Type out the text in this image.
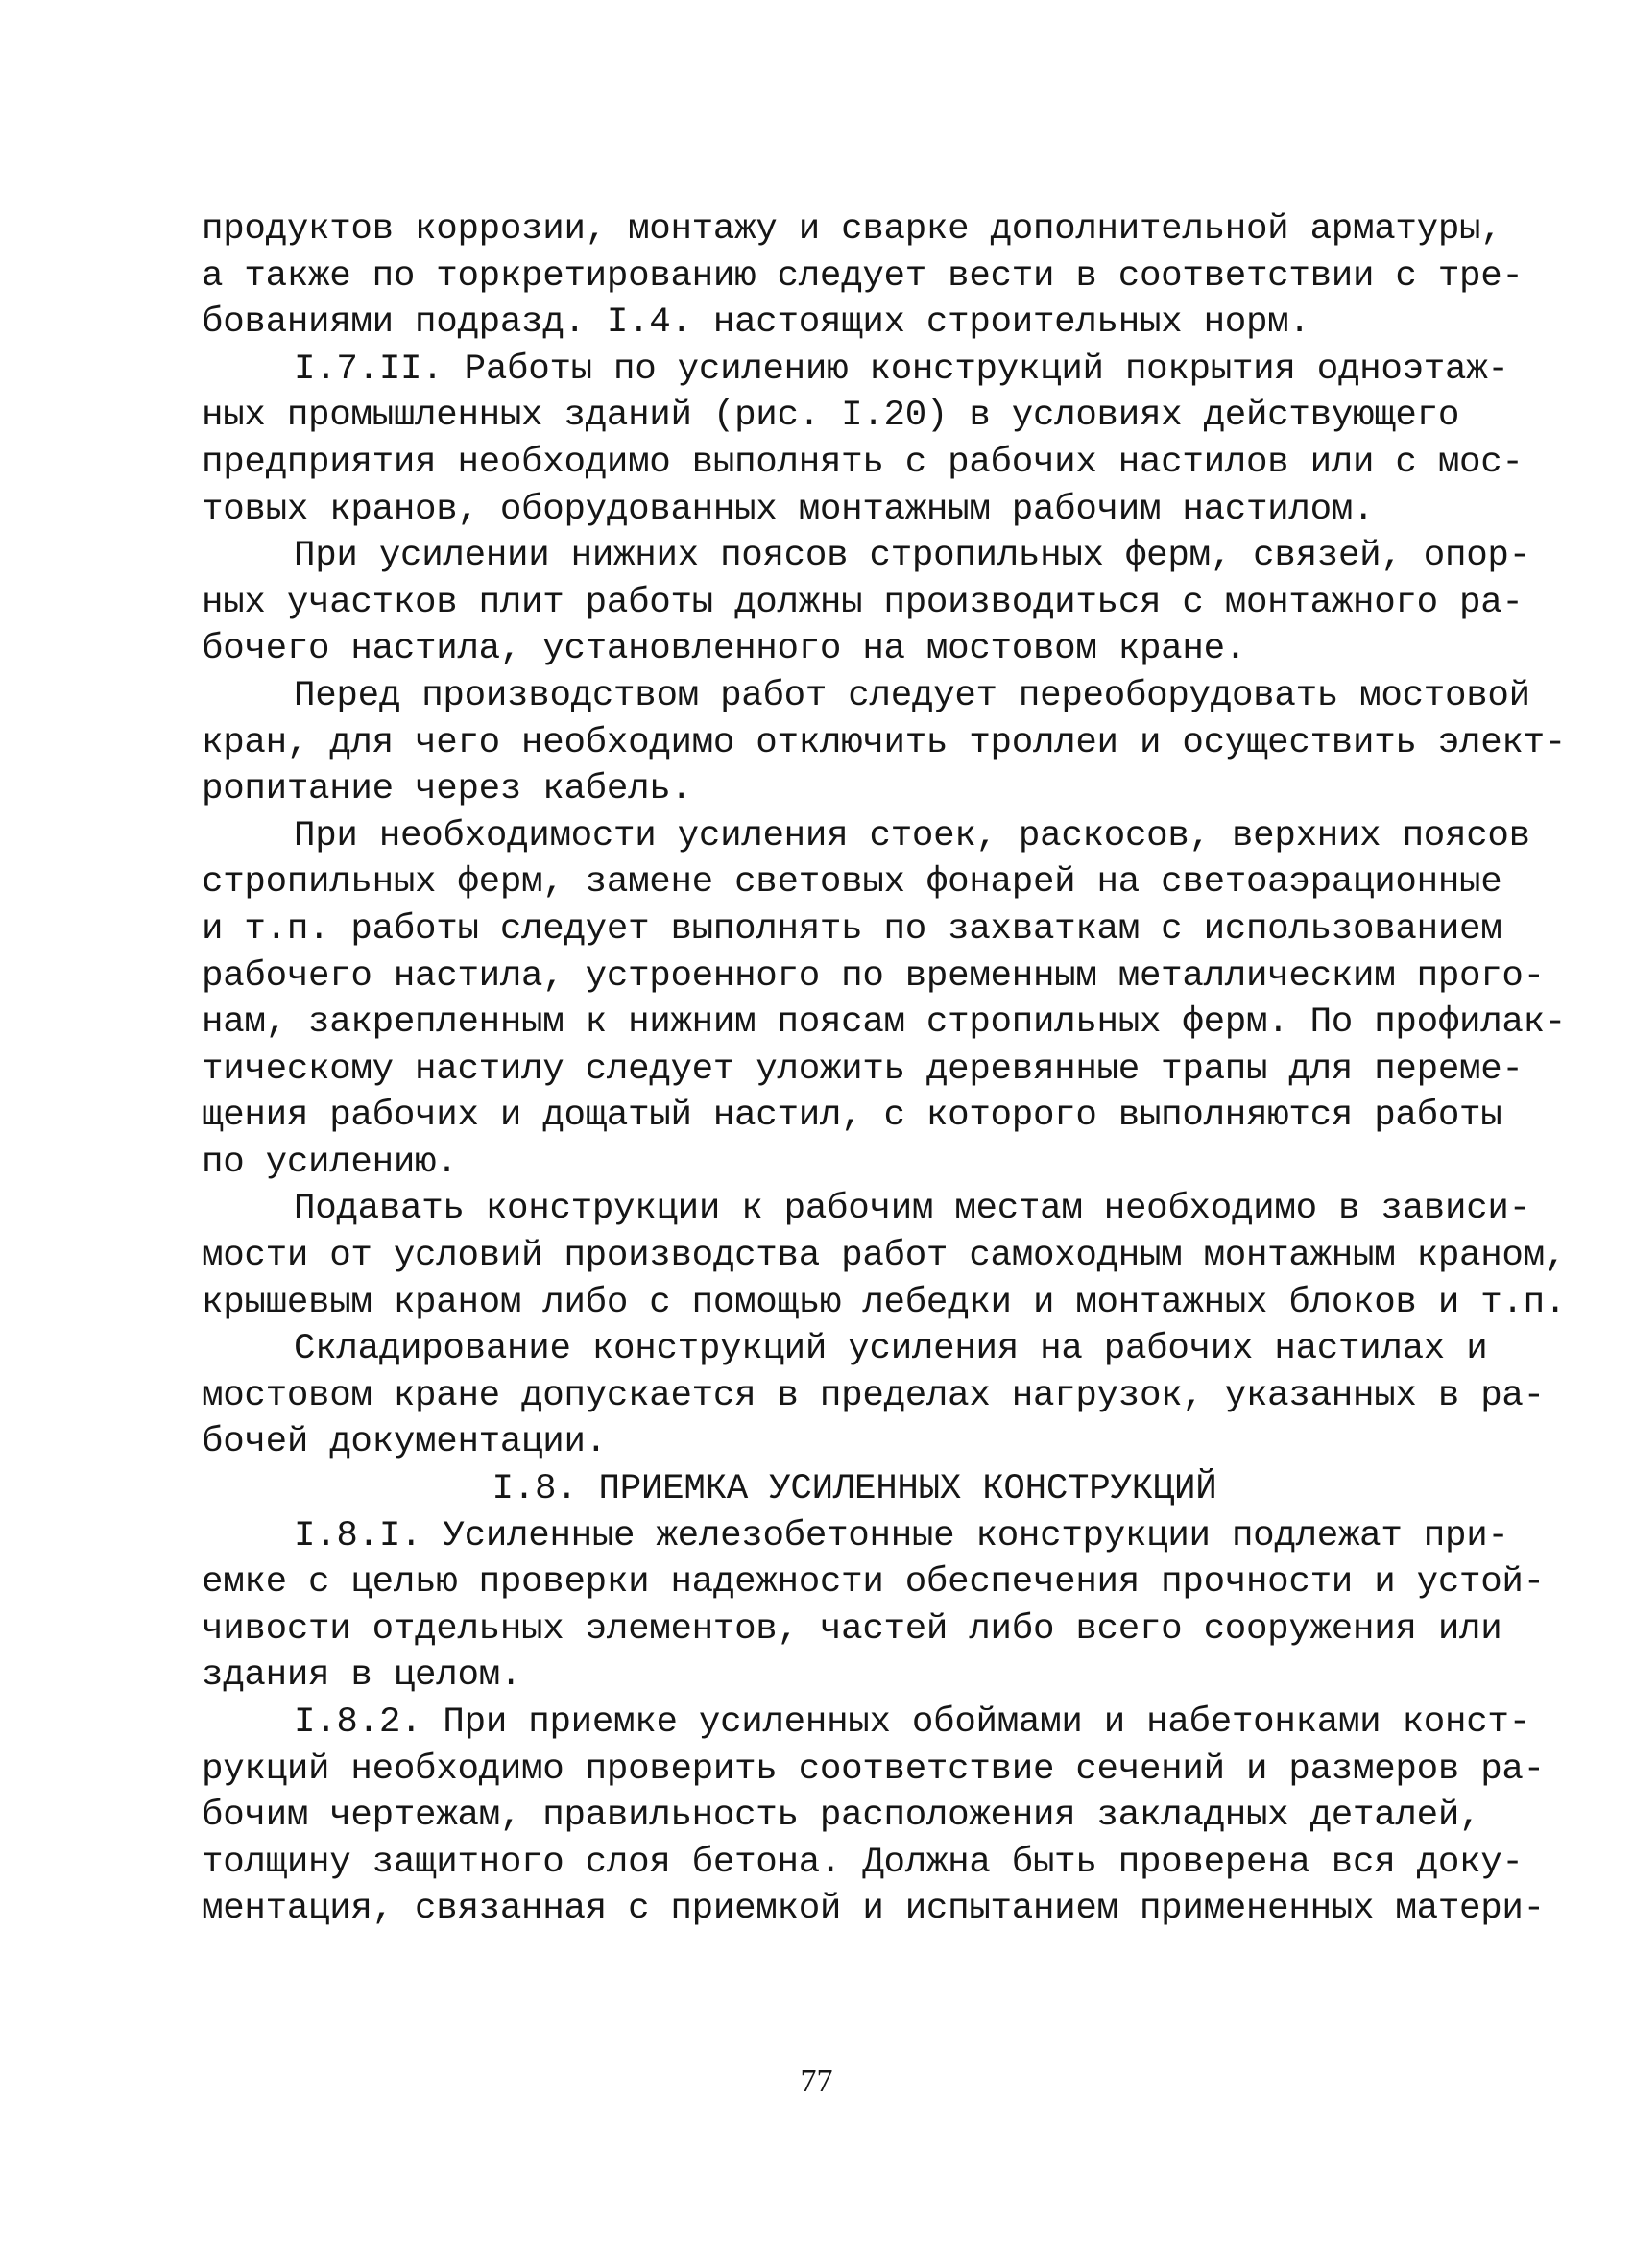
продуктов коррозии, монтажу и сварке дополнительной арматуры,
а также по торкретированию следует вести в соответствии с тре-
бованиями подразд. I.4. настоящих строительных норм.
I.7.II. Работы по усилению конструкций покрытия одноэтаж-
ных промышленных зданий (рис. I.20) в условиях действующего
предприятия необходимо выполнять с рабочих настилов или с мос-
товых кранов, оборудованных монтажным рабочим настилом.
При усилении нижних поясов стропильных ферм, связей, опор-
ных участков плит работы должны производиться с монтажного ра-
бочего настила, установленного на мостовом кране.
Перед производством работ следует переоборудовать мостовой
кран, для чего необходимо отключить троллеи и осуществить элект-
ропитание через кабель.
При необходимости усиления стоек, раскосов, верхних поясов
стропильных ферм, замене световых фонарей на светоаэрационные
и т.п. работы следует выполнять по захваткам с использованием
рабочего настила, устроенного по временным металлическим прого-
нам, закрепленным к нижним поясам стропильных ферм. По профилак-
тическому настилу следует уложить деревянные трапы для переме-
щения рабочих и дощатый настил, с которого выполняются работы
по усилению.
Подавать конструкции к рабочим местам необходимо в зависи-
мости от условий производства работ самоходным монтажным краном,
крышевым краном либо с помощью лебедки и монтажных блоков и т.п.
Складирование конструкций усиления на рабочих настилах и
мостовом кране допускается в пределах нагрузок, указанных в ра-
бочей документации.
I.8. ПРИЕМКА УСИЛЕННЫХ КОНСТРУКЦИЙ
I.8.I. Усиленные железобетонные конструкции подлежат при-
емке с целью проверки надежности обеспечения прочности и устой-
чивости отдельных элементов, частей либо всего сооружения или
здания в целом.
I.8.2. При приемке усиленных обоймами и набетонками конст-
рукций необходимо проверить соответствие сечений и размеров ра-
бочим чертежам, правильность расположения закладных деталей,
толщину защитного слоя бетона. Должна быть проверена вся доку-
ментация, связанная с приемкой и испытанием примененных матери-
77
